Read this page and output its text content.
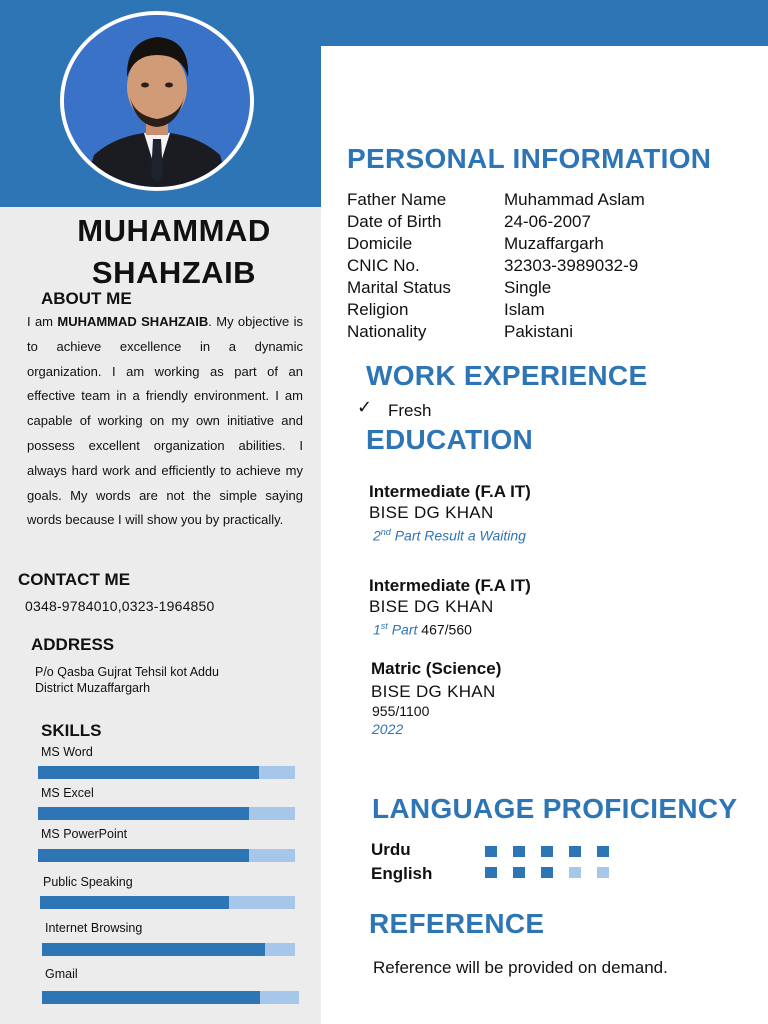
MUHAMMAD
SHAHZAIB
ABOUT ME
I am MUHAMMAD SHAHZAIB. My objective is to achieve excellence in a dynamic organization. I am working as part of an effective team in a friendly environment. I am capable of working on my own initiative and possess excellent organization abilities. I always hard work and efficiently to achieve my goals. My words are not the simple saying words because I will show you by practically.
CONTACT ME
0348-9784010,0323-1964850
ADDRESS
P/o Qasba Gujrat Tehsil kot Addu
District Muzaffargarh
SKILLS
MS Word
MS Excel
MS PowerPoint
Public Speaking
Internet Browsing
Gmail
PERSONAL INFORMATION
Father Name	Muhammad Aslam
Date of Birth	24-06-2007
Domicile	Muzaffargarh
CNIC No.	32303-3989032-9
Marital Status	Single
Religion	Islam
Nationality	Pakistani
WORK EXPERIENCE
✓ Fresh
EDUCATION
Intermediate (F.A IT)
BISE DG KHAN
2nd Part Result a Waiting
Intermediate (F.A IT)
BISE DG KHAN
1st Part 467/560
Matric (Science)
BISE DG KHAN
955/1100
2022
LANGUAGE PROFICIENCY
Urdu
English
REFERENCE
Reference will be provided on demand.
